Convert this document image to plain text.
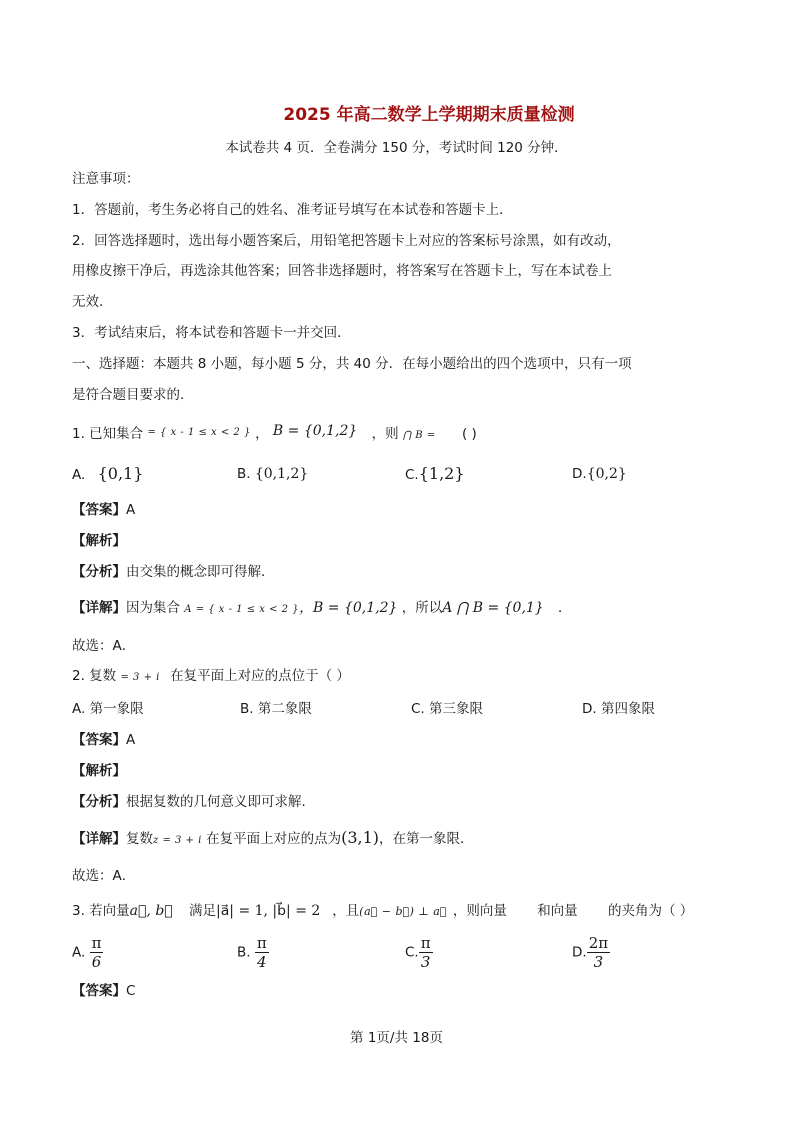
2025 年高二数学上学期期末质量检测
本试卷共 4 页．全卷满分 150 分，考试时间 120 分钟．
注意事项：
1．答题前，考生务必将自己的姓名、准考证号填写在本试卷和答题卡上．
2．回答选择题时，选出每小题答案后，用铅笔把答题卡上对应的答案标号涂黑，如有改动，
用橡皮擦干净后，再选涂其他答案；回答非选择题时，将答案写在答题卡上，写在本试卷上
无效．
3．考试结束后，将本试卷和答题卡一并交回．
一、选择题：本题共 8 小题，每小题 5 分，共 40 分．在每小题给出的四个选项中，只有一项
是符合题目要求的．
1. 已知集合 $^{= \{ x - 1 \le x < 2 \}}$ ， B = {0,1,2} ，则 ⋂ B = ( )
A. {0,1}	B. {0,1,2}	C.{1,2}	D.{0,2}
【答案】A
【解析】
【分析】由交集的概念即可得解．
【详解】因为集合 A = { x - 1 ≤ x < 2 }，B = {0,1,2} ，所以A ⋂ B = {0,1} ．
故选：A．
2. 复数 = 3 + i 在复平面上对应的点位于（ ）
A. 第一象限	B. 第二象限	C. 第三象限	D. 第四象限
【答案】A
【解析】
【分析】根据复数的几何意义即可求解．
【详解】复数z = 3 + i 在复平面上对应的点为(3,1)，在第一象限．
故选：A．
3. 若向量a⃗, b⃗ 满足|a⃗| = 1, |b⃗| = 2 ，且(a⃗ − b⃗) ⊥ a⃗ ，则向量 和向量 的夹角为（ ）
A. $\frac{\pi}{6}$	B. $\frac{\pi}{4}$	C. $\frac{\pi}{3}$	D. $\frac{2\pi}{3}$
【答案】C
第 1页/共 18页
